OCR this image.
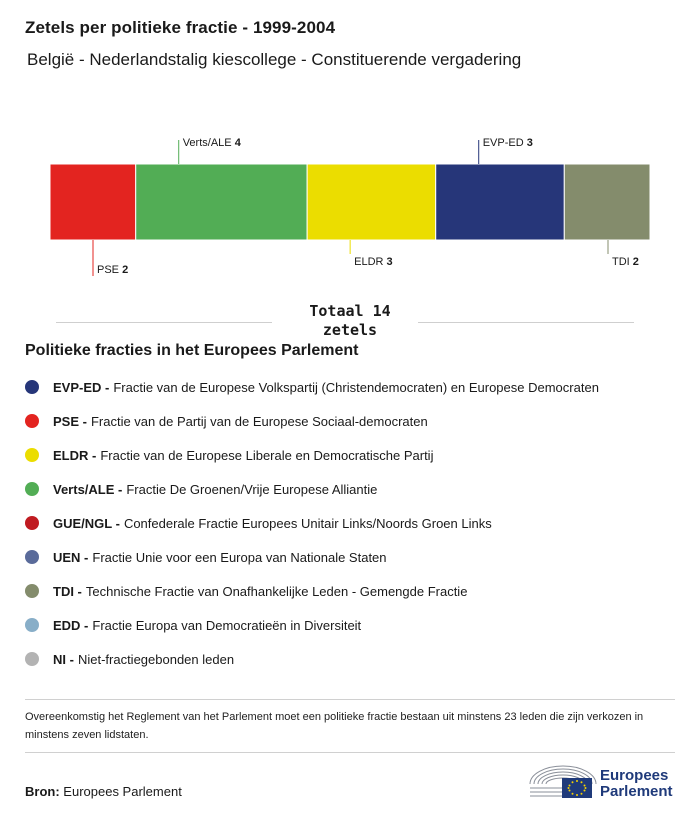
Zetels per politieke fractie - 1999-2004
België - Nederlandstalig kiescollege - Constituerende vergadering
PSE 2
Verts/ALE 4
ELDR 3
EVP-ED 3
TDI 2
Totaal 14
zetels
Politieke fracties in het Europees Parlement
EVP-ED - Fractie van de Europese Volkspartij (Christendemocraten) en Europese Democraten
PSE - Fractie van de Partij van de Europese Sociaal-democraten
ELDR - Fractie van de Europese Liberale en Democratische Partij
Verts/ALE - Fractie De Groenen/Vrije Europese Alliantie
GUE/NGL - Confederale Fractie Europees Unitair Links/Noords Groen Links
UEN - Fractie Unie voor een Europa van Nationale Staten
TDI - Technische Fractie van Onafhankelijke Leden - Gemengde Fractie
EDD - Fractie Europa van Democratieën in Diversiteit
NI - Niet-fractiegebonden leden
Overeenkomstig het Reglement van het Parlement moet een politieke fractie bestaan uit minstens 23 leden die zijn verkozen in minstens zeven lidstaten.
Bron: Europees Parlement
Europees
Parlement
